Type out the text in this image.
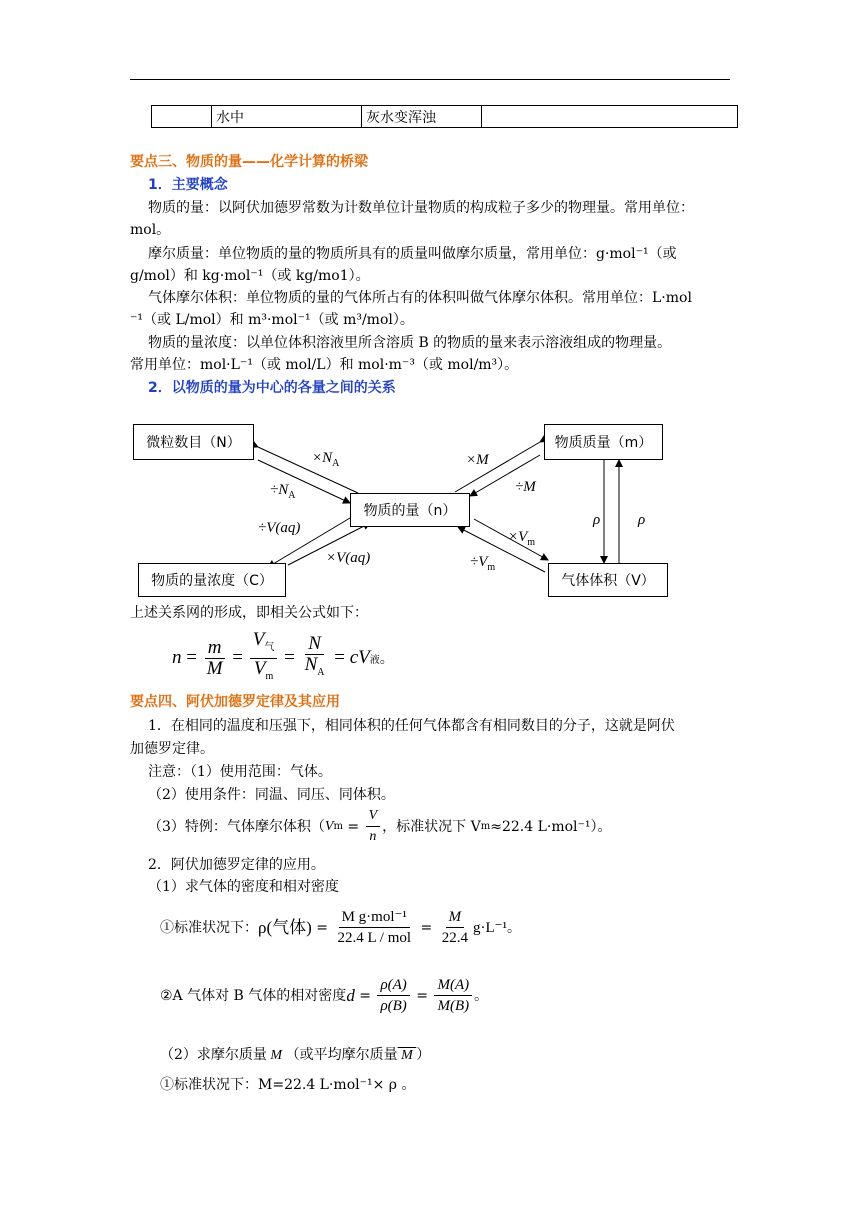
	水中	灰水变浑浊	
要点三、物质的量——化学计算的桥梁
1．主要概念
物质的量：以阿伏加德罗常数为计数单位计量物质的构成粒子多少的物理量。常用单位：
mol。
摩尔质量：单位物质的量的物质所具有的质量叫做摩尔质量，常用单位：g·mol⁻¹（或
g/mol）和 kg·mol⁻¹（或 kg/mo1）。
气体摩尔体积：单位物质的量的气体所占有的体积叫做气体摩尔体积。常用单位：L·mol
⁻¹（或 L/mol）和 m³·mol⁻¹（或 m³/mol）。
物质的量浓度：以单位体积溶液里所含溶质 B 的物质的量来表示溶液组成的物理量。
常用单位：mol·L⁻¹（或 mol/L）和 mol·m⁻³（或 mol/m³）。
2．以物质的量为中心的各量之间的关系
微粒数目（N）	物质质量（m）
物质的量（n）
物质的量浓度（C）	气体体积（V）
$\times N_A$
$\div N_A$
×M
÷M
÷V(aq)
×V(aq)
$\times V_m$
$\div V_m$
ρ	ρ
上述关系网的形成，即相关公式如下：
$n = \frac{m}{M} = \frac{V_气}{V_m} = \frac{N}{N_A}$ = cV 液 。
要点四、阿伏加德罗定律及其应用
1．在相同的温度和压强下，相同体积的任何气体都含有相同数目的分子，这就是阿伏
加德罗定律。
注意：（1）使用范围：气体。
（2）使用条件：同温、同压、同体积。
（3）特例：气体摩尔体积（ V $m = \frac{V}{n}$ ，标准状况下 V m ≈22.4 L·mol⁻¹）。
2．阿伏加德罗定律的应用。
（1）求气体的密度和相对密度
①标准状况下： ρ(气体) = $\frac{\text{M g·mol⁻¹}}{\text{22.4 L / mol}} = \frac{M}{22.4} g\cdot L^{-1}$ 。
②A 气体对 B 气体的相对密度 $d = \frac{\rho(A)}{\rho(B)} = \frac{M(A)}{M(B)}$ 。
（2）求摩尔质量 M （或平均摩尔质量 M ）
①标准状况下：M=22.4 L·mol⁻¹× ρ 。
